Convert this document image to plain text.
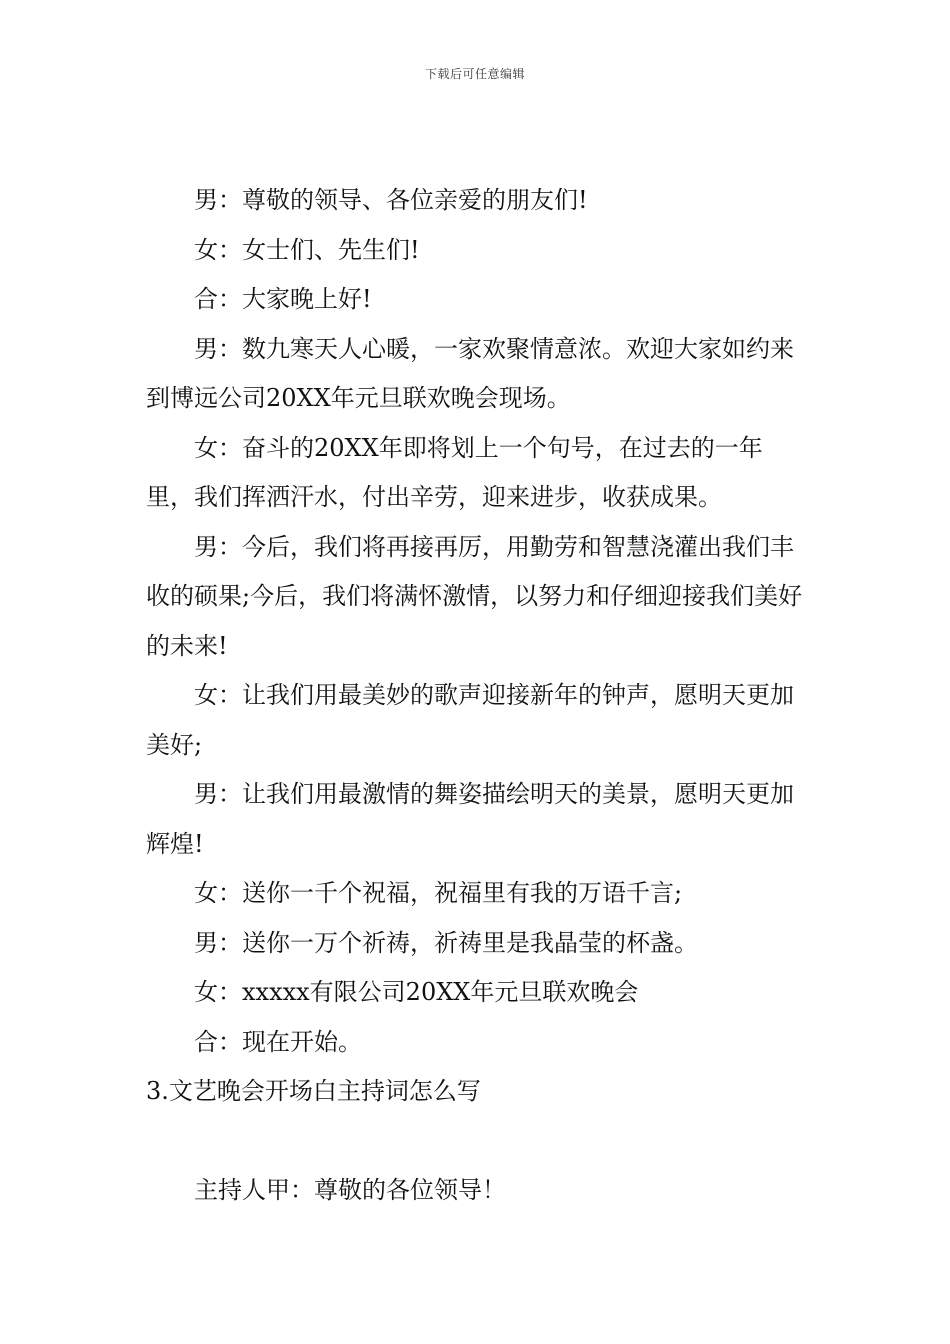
下载后可任意编辑

男：尊敬的领导、各位亲爱的朋友们!

女：女士们、先生们!

合：大家晚上好!

男：数九寒天人心暖，一家欢聚情意浓。欢迎大家如约来到博远公司20XX年元旦联欢晚会现场。

女：奋斗的20XX年即将划上一个句号，在过去的一年里，我们挥洒汗水，付出辛劳，迎来进步，收获成果。

男：今后，我们将再接再厉，用勤劳和智慧浇灌出我们丰收的硕果;今后，我们将满怀激情，以努力和仔细迎接我们美好的未来!

女：让我们用最美妙的歌声迎接新年的钟声，愿明天更加美好;

男：让我们用最激情的舞姿描绘明天的美景，愿明天更加辉煌!

女：送你一千个祝福，祝福里有我的万语千言;

男：送你一万个祈祷，祈祷里是我晶莹的杯盏。

女：xxxxx有限公司20XX年元旦联欢晚会

合：现在开始。

3.文艺晚会开场白主持词怎么写

主持人甲：尊敬的各位领导！
